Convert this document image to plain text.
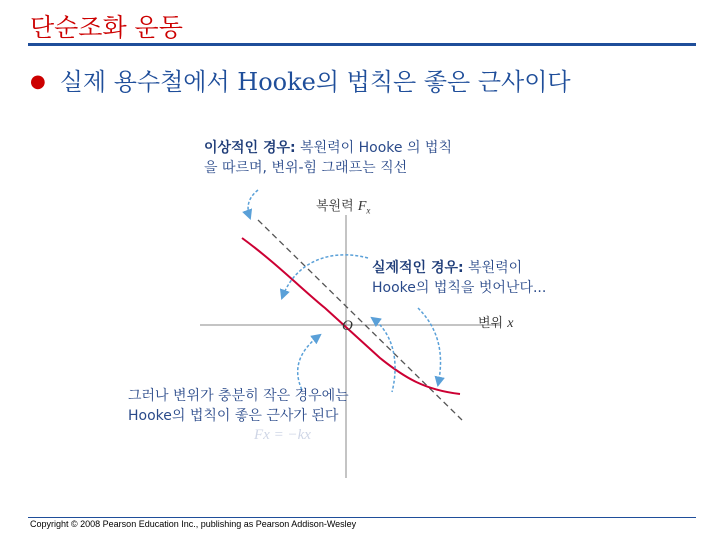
단순조화 운동
● 실제 용수철에서 Hooke의 법칙은 좋은 근사이다
이상적인 경우: 복원력이 Hooke 의 법칙
을 따르며, 변위-힘 그래프는 직선
복원력 $F_x$
실제적인 경우: 복원력이
Hooke의 법칙을 벗어난다...
변위 x
O
그러나 변위가 충분히 작은 경우에는
Hooke의 법칙이 좋은 근사가 된다
Fx = −kx
Copyright © 2008 Pearson Education Inc., publishing as Pearson Addison-Wesley
